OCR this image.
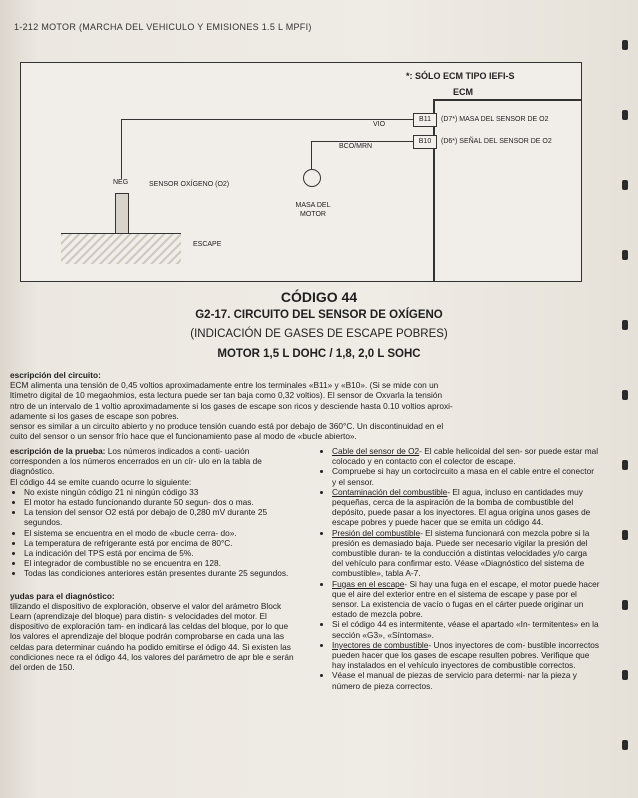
1-212 MOTOR (MARCHA DEL VEHICULO Y EMISIONES 1.5 L MPFI)
*: SÓLO ECM TIPO IEFI-S
ECM
B11
B10
(D7*) MASA DEL SENSOR DE O2
(D6*) SEÑAL DEL SENSOR DE O2
VIO
BCO/MRN
MASA DEL MOTOR
NEG	SENSOR OXÍGENO (O2)
ESCAPE
CÓDIGO 44
G2-17. CIRCUITO DEL SENSOR DE OXÍGENO
(INDICACIÓN DE GASES DE ESCAPE POBRES)
MOTOR 1,5 L DOHC / 1,8, 2,0 L SOHC

escripción del circuito:

ECM alimenta una tensión de 0,45 voltios aproximadamente entre los terminales «B11» y «B10». (Si se mide con un

ltímetro digital de 10 megaohmios, esta lectura puede ser tan baja como 0,32 voltios). El sensor de Oxvarla la tensión

ntro de un intervalo de 1 voltio aproximadamente si los gases de escape son ricos y desciende hasta 0.10 voltios aproxi-

adamente si los gases de escape son pobres.

sensor es similar a un circuito abierto y no produce tensión cuando está por debajo de 360°C. Un discontinuidad en el

cuito del sensor o un sensor frío hace que el funcionamiento pase al modo de «bucle abierto».

escripción de la prueba: Los números indicados a conti- uación corresponden a los números encerrados en un cír- ulo en la tabla de diagnóstico.

El código 44 se emite cuando ocurre lo siguiente:

• No existe ningún código 21 ni ningún código 33
• El motor ha estado funcionando durante 50 segun- dos o mas.
• La tension del sensor O2 está por debajo de 0,280 mV durante 25 segundos.
• El sistema se encuentra en el modo de «bucle cerra- do».
• La temperatura de refrigerante está por encima de 80°C.
• La indicación del TPS está por encima de 5%.
• El integrador de combustible no se encuentra en 128.
• Todas las condiciones anteriores están presentes durante 25 segundos.

yudas para el diagnóstico:

tilizando el dispositivo de exploración, observe el valor del arámetro Block Learn (aprendizaje del bloque) para distin- s velocidades del motor. El dispositivo de exploración tam- en indicará las celdas del bloque, por lo que los valores el aprendizaje del bloque podrán comprobarse en cada una las celdas para determinar cuándo ha podido emitirse el ódigo 44. Si existen las condiciones nece ra el ódigo 44, los valores del parámetro de apr ble e serán del orden de 150.

• Cable del sensor de O2- El cable helicoidal del sen- sor puede estar mal colocado y en contacto con el colector de escape.
• Compruebe si hay un cortocircuito a masa en el cable entre el conector y el sensor.
• Contaminación del combustible- El agua, incluso en cantidades muy pequeñas, cerca de la aspiración de la bomba de combustible del depósito, puede pasar a los inyectores. El agua origina unos gases de escape pobres y puede hacer que se emita un código 44.
• Presión del combustible- El sistema funcionará con mezcla pobre si la presión es demasiado baja. Puede ser necesario vigilar la presión del combustible duran- te la conducción a distintas velocidades y/o carga del vehículo para confirmar esto. Véase «Diagnóstico del sistema de combustible», tabla A-7.
• Fugas en el escape- Si hay una fuga en el escape, el motor puede hacer que el aire del exterior entre en el sistema de escape y pase por el sensor. La existencia de vacío o fugas en el cárter puede originar un estado de mezcla pobre.
• Si el código 44 es intermitente, véase el apartado «In- termitentes» en la sección «G3», «Síntomas».
• Inyectores de combustible- Unos inyectores de com- bustible incorrectos pueden hacer que los gases de escape resulten pobres. Verifique que hay instalados en el vehículo inyectores de combustible correctos.
• Véase el manual de piezas de servicio para determi- nar la pieza y número de pieza correctos.
